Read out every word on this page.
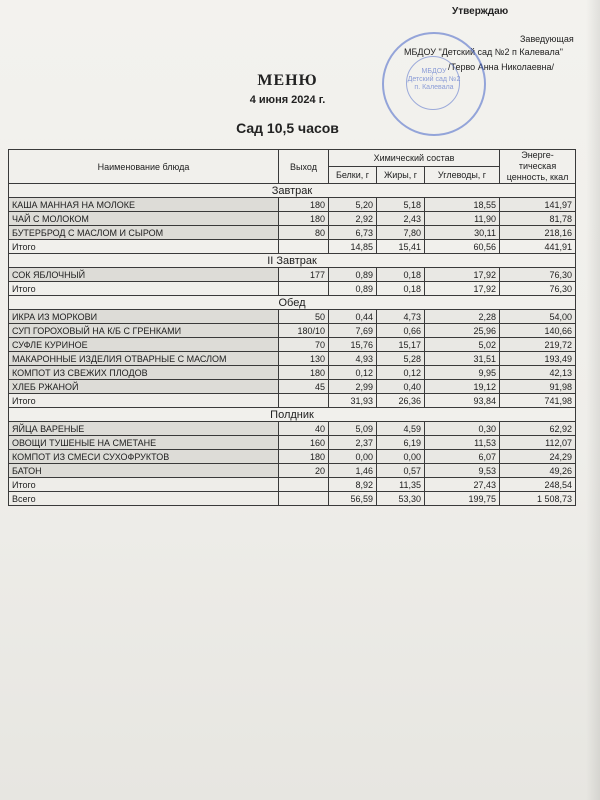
Утверждаю
Заведующая
МБДОУ "Детский сад №2 п Калевала"
/Терво Анна Николаевна/
МБДОУ
Детский сад №2
п. Калевала
МЕНЮ
4 июня 2024 г.
Сад 10,5 часов
Наименование блюда	Выход	Химический состав			Энерге-тическая ценность, ккал
		Белки, г	Жиры, г	Углеводы, г	
Завтрак					
КАША МАННАЯ НА МОЛОКЕ	180	5,20	5,18	18,55	141,97
ЧАЙ С МОЛОКОМ	180	2,92	2,43	11,90	81,78
БУТЕРБРОД С МАСЛОМ И СЫРОМ	80	6,73	7,80	30,11	218,16
Итого		14,85	15,41	60,56	441,91
II Завтрак					
СОК ЯБЛОЧНЫЙ	177	0,89	0,18	17,92	76,30
Итого		0,89	0,18	17,92	76,30
Обед					
ИКРА ИЗ МОРКОВИ	50	0,44	4,73	2,28	54,00
СУП ГОРОХОВЫЙ НА К/Б С ГРЕНКАМИ	180/10	7,69	0,66	25,96	140,66
СУФЛЕ КУРИНОЕ	70	15,76	15,17	5,02	219,72
МАКАРОННЫЕ ИЗДЕЛИЯ ОТВАРНЫЕ С МАСЛОМ	130	4,93	5,28	31,51	193,49
КОМПОТ ИЗ СВЕЖИХ ПЛОДОВ	180	0,12	0,12	9,95	42,13
ХЛЕБ РЖАНОЙ	45	2,99	0,40	19,12	91,98
Итого		31,93	26,36	93,84	741,98
Полдник					
ЯЙЦА ВАРЕНЫЕ	40	5,09	4,59	0,30	62,92
ОВОЩИ ТУШЕНЫЕ НА СМЕТАНЕ	160	2,37	6,19	11,53	112,07
КОМПОТ ИЗ СМЕСИ СУХОФРУКТОВ	180	0,00	0,00	6,07	24,29
БАТОН	20	1,46	0,57	9,53	49,26
Итого		8,92	11,35	27,43	248,54
Всего		56,59	53,30	199,75	1 508,73
